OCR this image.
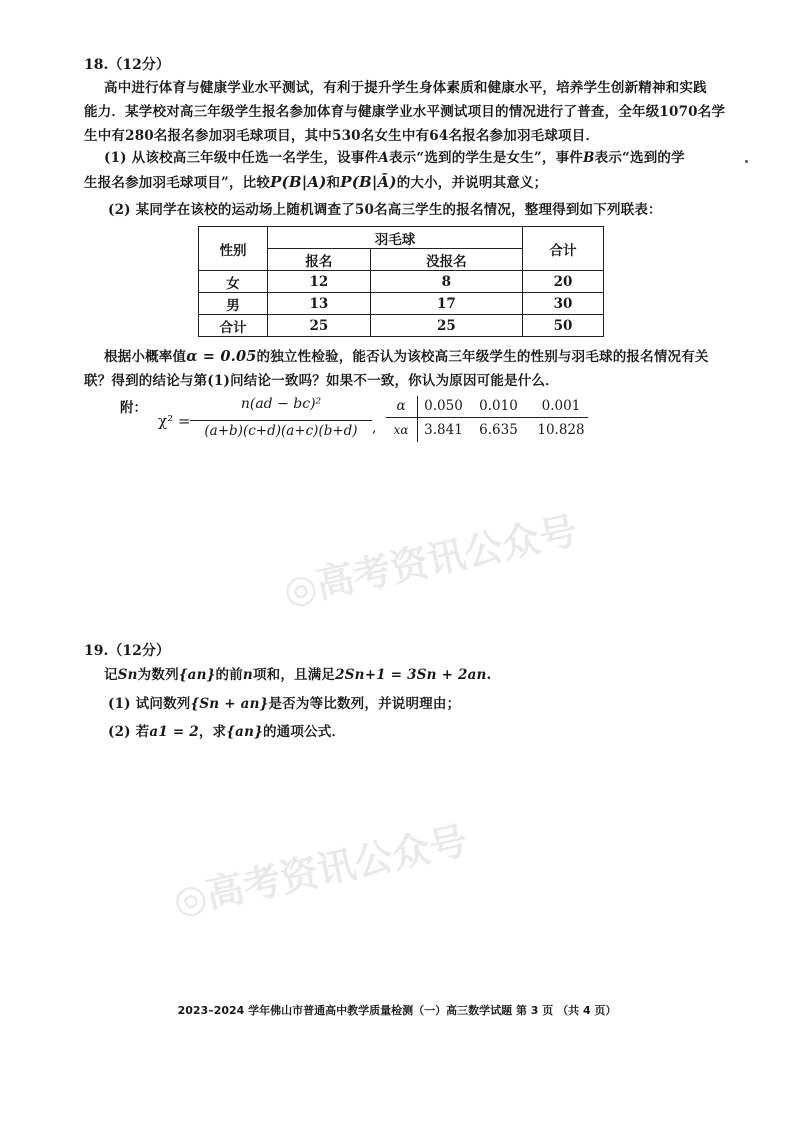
◎高考资讯公众号
◎高考资讯公众号
18.（12分）
高中进行体育与健康学业水平测试，有利于提升学生身体素质和健康水平，培养学生创新精神和实践
能力．某学校对高三年级学生报名参加体育与健康学业水平测试项目的情况进行了普查，全年级1070名学
生中有280名报名参加羽毛球项目，其中530名女生中有64名报名参加羽毛球项目．
(1) 从该校高三年级中任选一名学生，设事件A表示“选到的学生是女生”，事件B表示“选到的学
生报名参加羽毛球项目”，比较P(B|A)和P(B|Ā)的大小，并说明其意义；
(2) 某同学在该校的运动场上随机调查了50名高三学生的报名情况，整理得到如下列联表：
性别	羽毛球		合计
	报名	没报名	
女	12	8	20
男	13	17	30
合计	25	25	50
根据小概率值α = 0.05的独立性检验，能否认为该校高三年级学生的性别与羽毛球的报名情况有关
联？得到的结论与第(1)问结论一致吗？如果不一致，你认为原因可能是什么．
附：
χ² =
n(ad − bc)²
(a+b)(c+d)(a+c)(b+d)	,
α	0.050	0.010	0.001
xα	3.841	6.635	10.828
19.（12分）
记Sn为数列{an}的前n项和，且满足2Sn+1 = 3Sn + 2an.
(1) 试问数列{Sn + an}是否为等比数列，并说明理由；
(2) 若a1 = 2，求{an}的通项公式．
2023–2024 学年佛山市普通高中教学质量检测（一）高三数学试题 第 3 页 （共 4 页）
